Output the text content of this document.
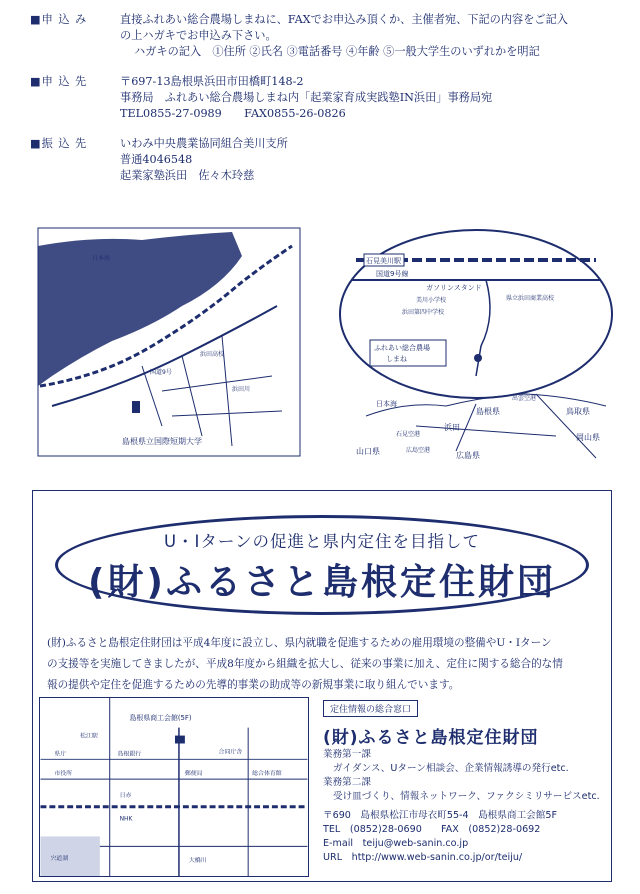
■申 込 み	直接ふれあい総合農場しまねに、FAXでお申込み頂くか、主催者宛、下記の内容をご記入
の上ハガキでお申込み下さい。
ハガキの記入　①住所 ②氏名 ③電話番号 ④年齢 ⑤一般大学生のいずれかを明記
■申 込 先	〒697-13島根県浜田市田橋町148-2
事務局　ふれあい総合農場しまね内「起業家育成実践塾IN浜田」事務局宛
TEL0855-27-0989　　FAX0855-26-0826
■振 込 先	いわみ中央農業協同組合美川支所
普通4046548
起業家塾浜田　佐々木玲慈
日本海
浜田高校
浜田川
島根県立国際短期大学
国道9号
石見美川駅
国道9号線
ガソリンスタンド
浜田第四中学校
美川小学校	県立浜田商業高校
ふれあい総合農場
しまね
日本海
浜田
島根県	鳥取県
岡山県
山口県	広島県
石見空港
広島空港
出雲空港
U・Iターンの促進と県内定住を目指して
(財)ふるさと島根定住財団
(財)ふるさと島根定住財団は平成4年度に設立し、県内就職を促進するための雇用環境の整備やU・Iターン
の支援等を実施してきましたが、平成8年度から組織を拡大し、従来の事業に加え、定住に関する総合的な情
報の提供や定住を促進するための先導的事業の助成等の新規事業に取り組んでいます。
島根県商工会館(5F)
松江駅
県庁
市役所
島根銀行	合同庁舎
郵便局	総合体育館
NHK
宍道湖	大橋川
日赤
定住情報の総合窓口
(財)ふるさと島根定住財団
業務第一課
ガイダンス、Uターン相談会、企業情報誘導の発行etc.
業務第二課
受け皿づくり、情報ネットワーク、ファクシミリサービスetc.
〒690　島根県松江市母衣町55-4　島根県商工会館5F
TEL　(0852)28-0690　　FAX　(0852)28-0692
E-mail　teiju@web-sanin.co.jp
URL　http://www.web-sanin.co.jp/or/teiju/
